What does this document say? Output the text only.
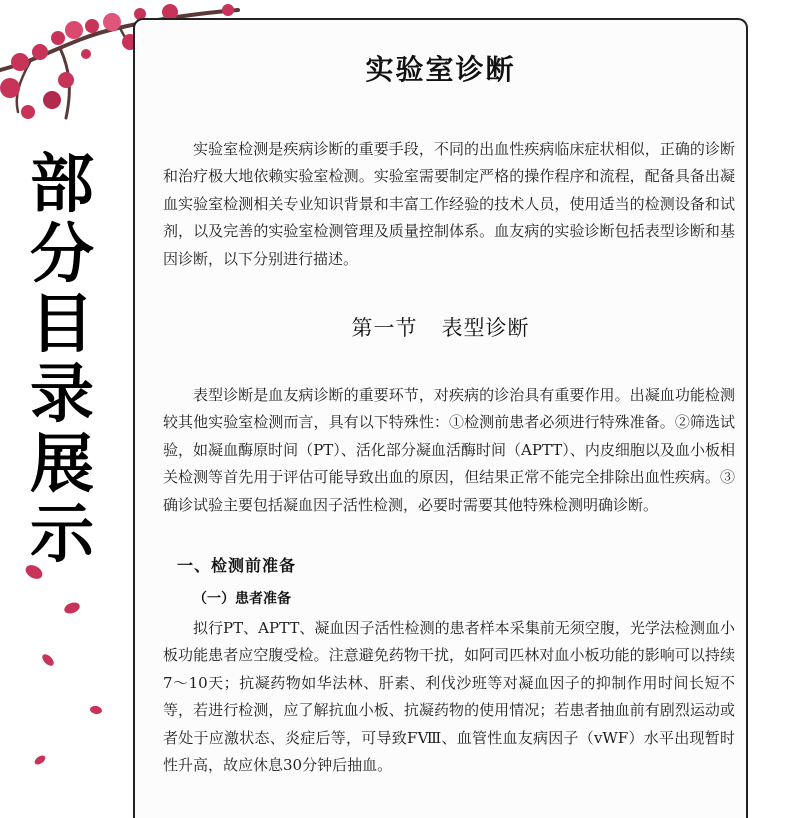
部
分
目
录
展
示
实验室诊断
实验室检测是疾病诊断的重要手段，不同的出血性疾病临床症状相似，正确的诊断和治疗极大地依赖实验室检测。实验室需要制定严格的操作程序和流程，配备具备出凝血实验室检测相关专业知识背景和丰富工作经验的技术人员，使用适当的检测设备和试剂，以及完善的实验室检测管理及质量控制体系。血友病的实验诊断包括表型诊断和基因诊断，以下分别进行描述。
第一节 表型诊断
表型诊断是血友病诊断的重要环节，对疾病的诊治具有重要作用。出凝血功能检测较其他实验室检测而言，具有以下特殊性：①检测前患者必须进行特殊准备。②筛选试验，如凝血酶原时间（PT）、活化部分凝血活酶时间（APTT）、内皮细胞以及血小板相关检测等首先用于评估可能导致出血的原因，但结果正常不能完全排除出血性疾病。③确诊试验主要包括凝血因子活性检测，必要时需要其他特殊检测明确诊断。
一、检测前准备
（一）患者准备
拟行PT、APTT、凝血因子活性检测的患者样本采集前无须空腹，光学法检测血小板功能患者应空腹受检。注意避免药物干扰，如阿司匹林对血小板功能的影响可以持续7～10天；抗凝药物如华法林、肝素、利伐沙班等对凝血因子的抑制作用时间长短不等，若进行检测，应了解抗血小板、抗凝药物的使用情况；若患者抽血前有剧烈运动或者处于应激状态、炎症后等，可导致FⅧ、血管性血友病因子（vWF）水平出现暂时性升高，故应休息30分钟后抽血。
